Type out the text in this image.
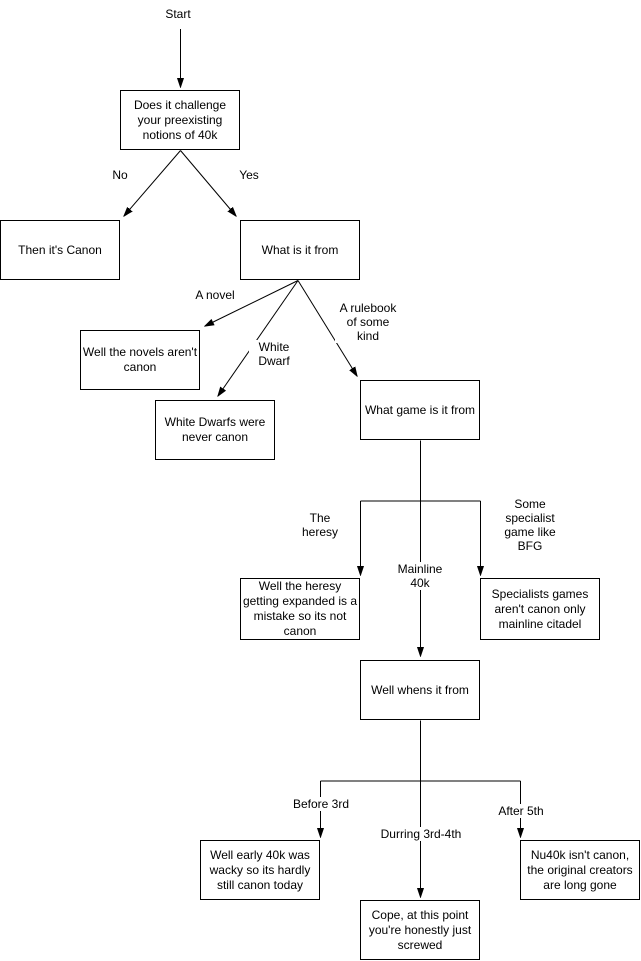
Start
Does it challenge your preexisting notions of 40k
Then it's Canon	What is it from
Well the novels aren't canon
White Dwarfs were never canon
What game is it from
Well the heresy getting expanded is a mistake so its not canon
Specialists games aren't canon only mainline citadel
Well whens it from
Well early 40k was wacky so its hardly still canon today
Cope, at this point you're honestly just screwed
Nu40k isn't canon, the original creators are long gone
No	Yes
A novel
White Dwarf
A rulebook of some kind
The heresy
Some specialist game like BFG
Mainline 40k
Before 3rd
Durring 3rd-4th
After 5th
